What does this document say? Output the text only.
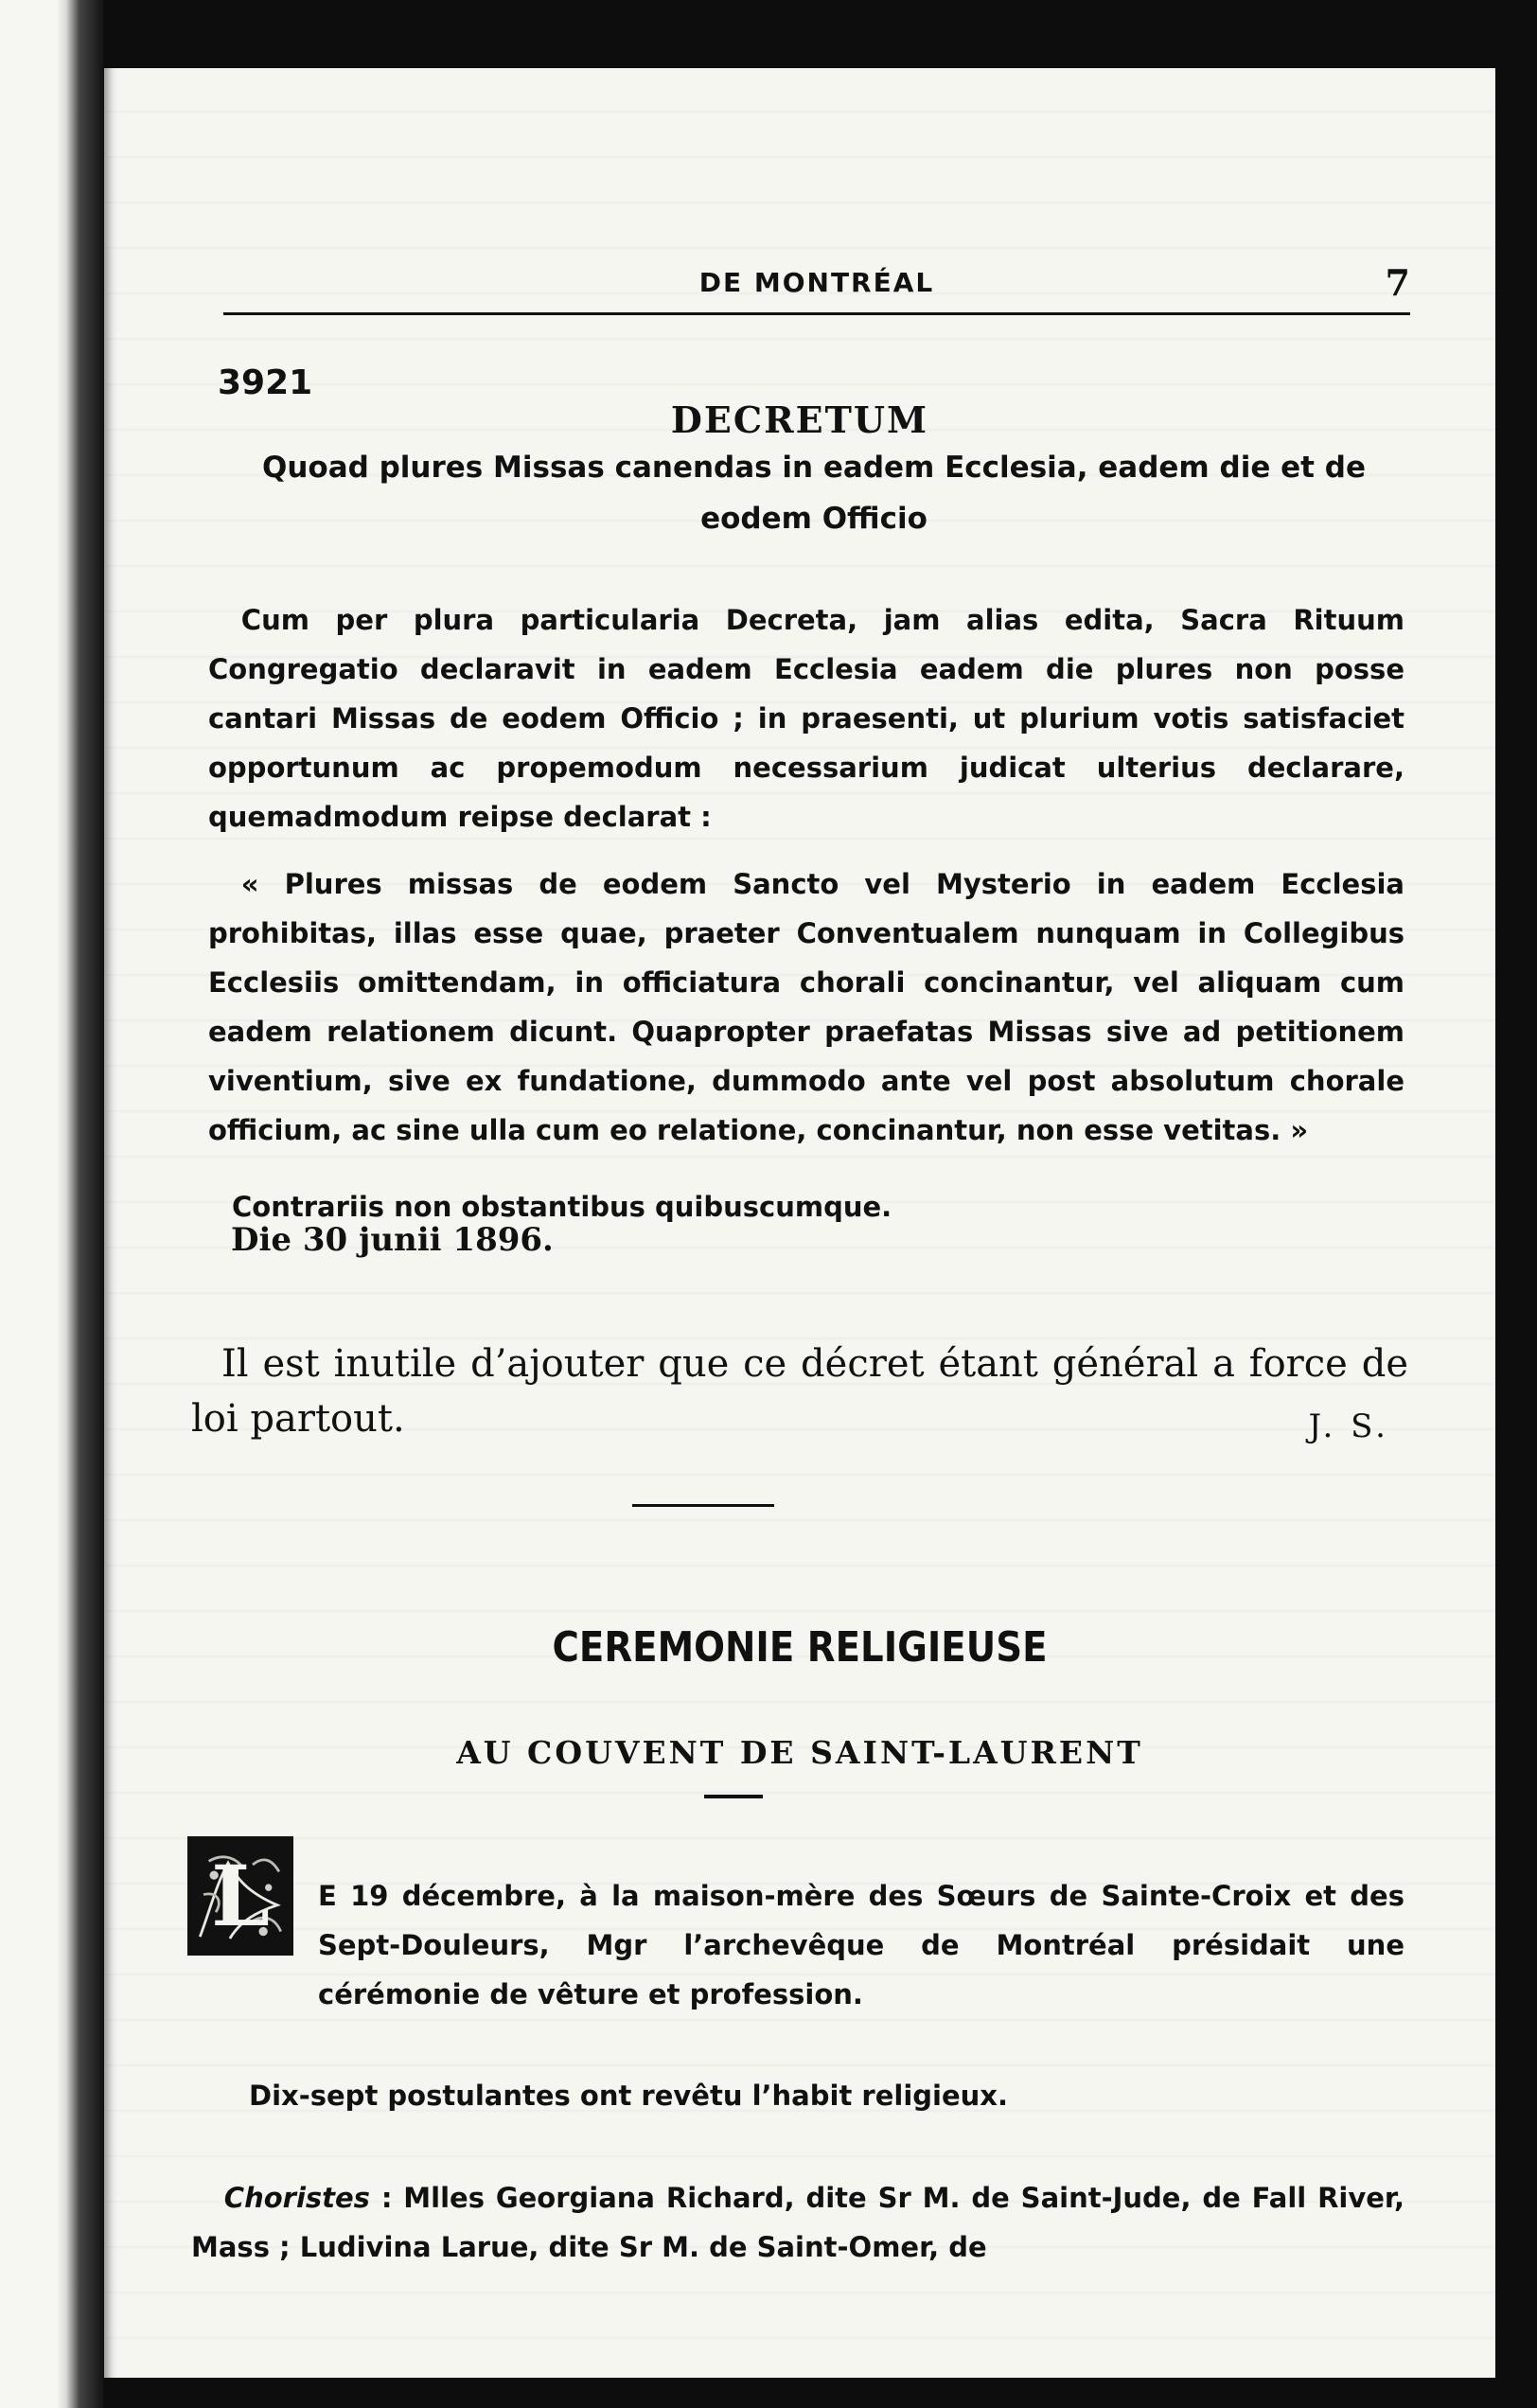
DE MONTRÉAL	7
3921
DECRETUM
Quoad plures Missas canendas in eadem Ecclesia, eadem die et de eodem Officio

Cum per plura particularia Decreta, jam alias edita, Sacra Rituum Congregatio declaravit in eadem Ecclesia eadem die plures non posse cantari Missas de eodem Officio ; in praesenti, ut plurium votis satisfaciet opportunum ac propemodum necessarium judicat ulterius declarare, quemadmodum reipse declarat :

« Plures missas de eodem Sancto vel Mysterio in eadem Ecclesia prohibitas, illas esse quae, praeter Conventualem nunquam in Collegibus Ecclesiis omittendam, in officiatura chorali concinantur, vel aliquam cum eadem relationem dicunt. Quapropter praefatas Missas sive ad petitionem viventium, sive ex fundatione, dummodo ante vel post absolutum chorale officium, ac sine ulla cum eo relatione, concinantur, non esse vetitas. »

Contrariis non obstantibus quibuscumque.

Die 30 junii 1896.

Il est inutile d’ajouter que ce décret étant général a force de loi partout.	J. S.
CEREMONIE RELIGIEUSE
AU COUVENT DE SAINT-LAURENT
L E 19 décembre, à la maison-mère des Sœurs de Sainte-Croix et des Sept-Douleurs, Mgr l’archevêque de Montréal présidait une cérémonie de vêture et profession.

Dix-sept postulantes ont revêtu l’habit religieux.

Choristes : Mlles Georgiana Richard, dite Sr M. de Saint-Jude, de Fall River, Mass ; Ludivina Larue, dite Sr M. de Saint-Omer, de
